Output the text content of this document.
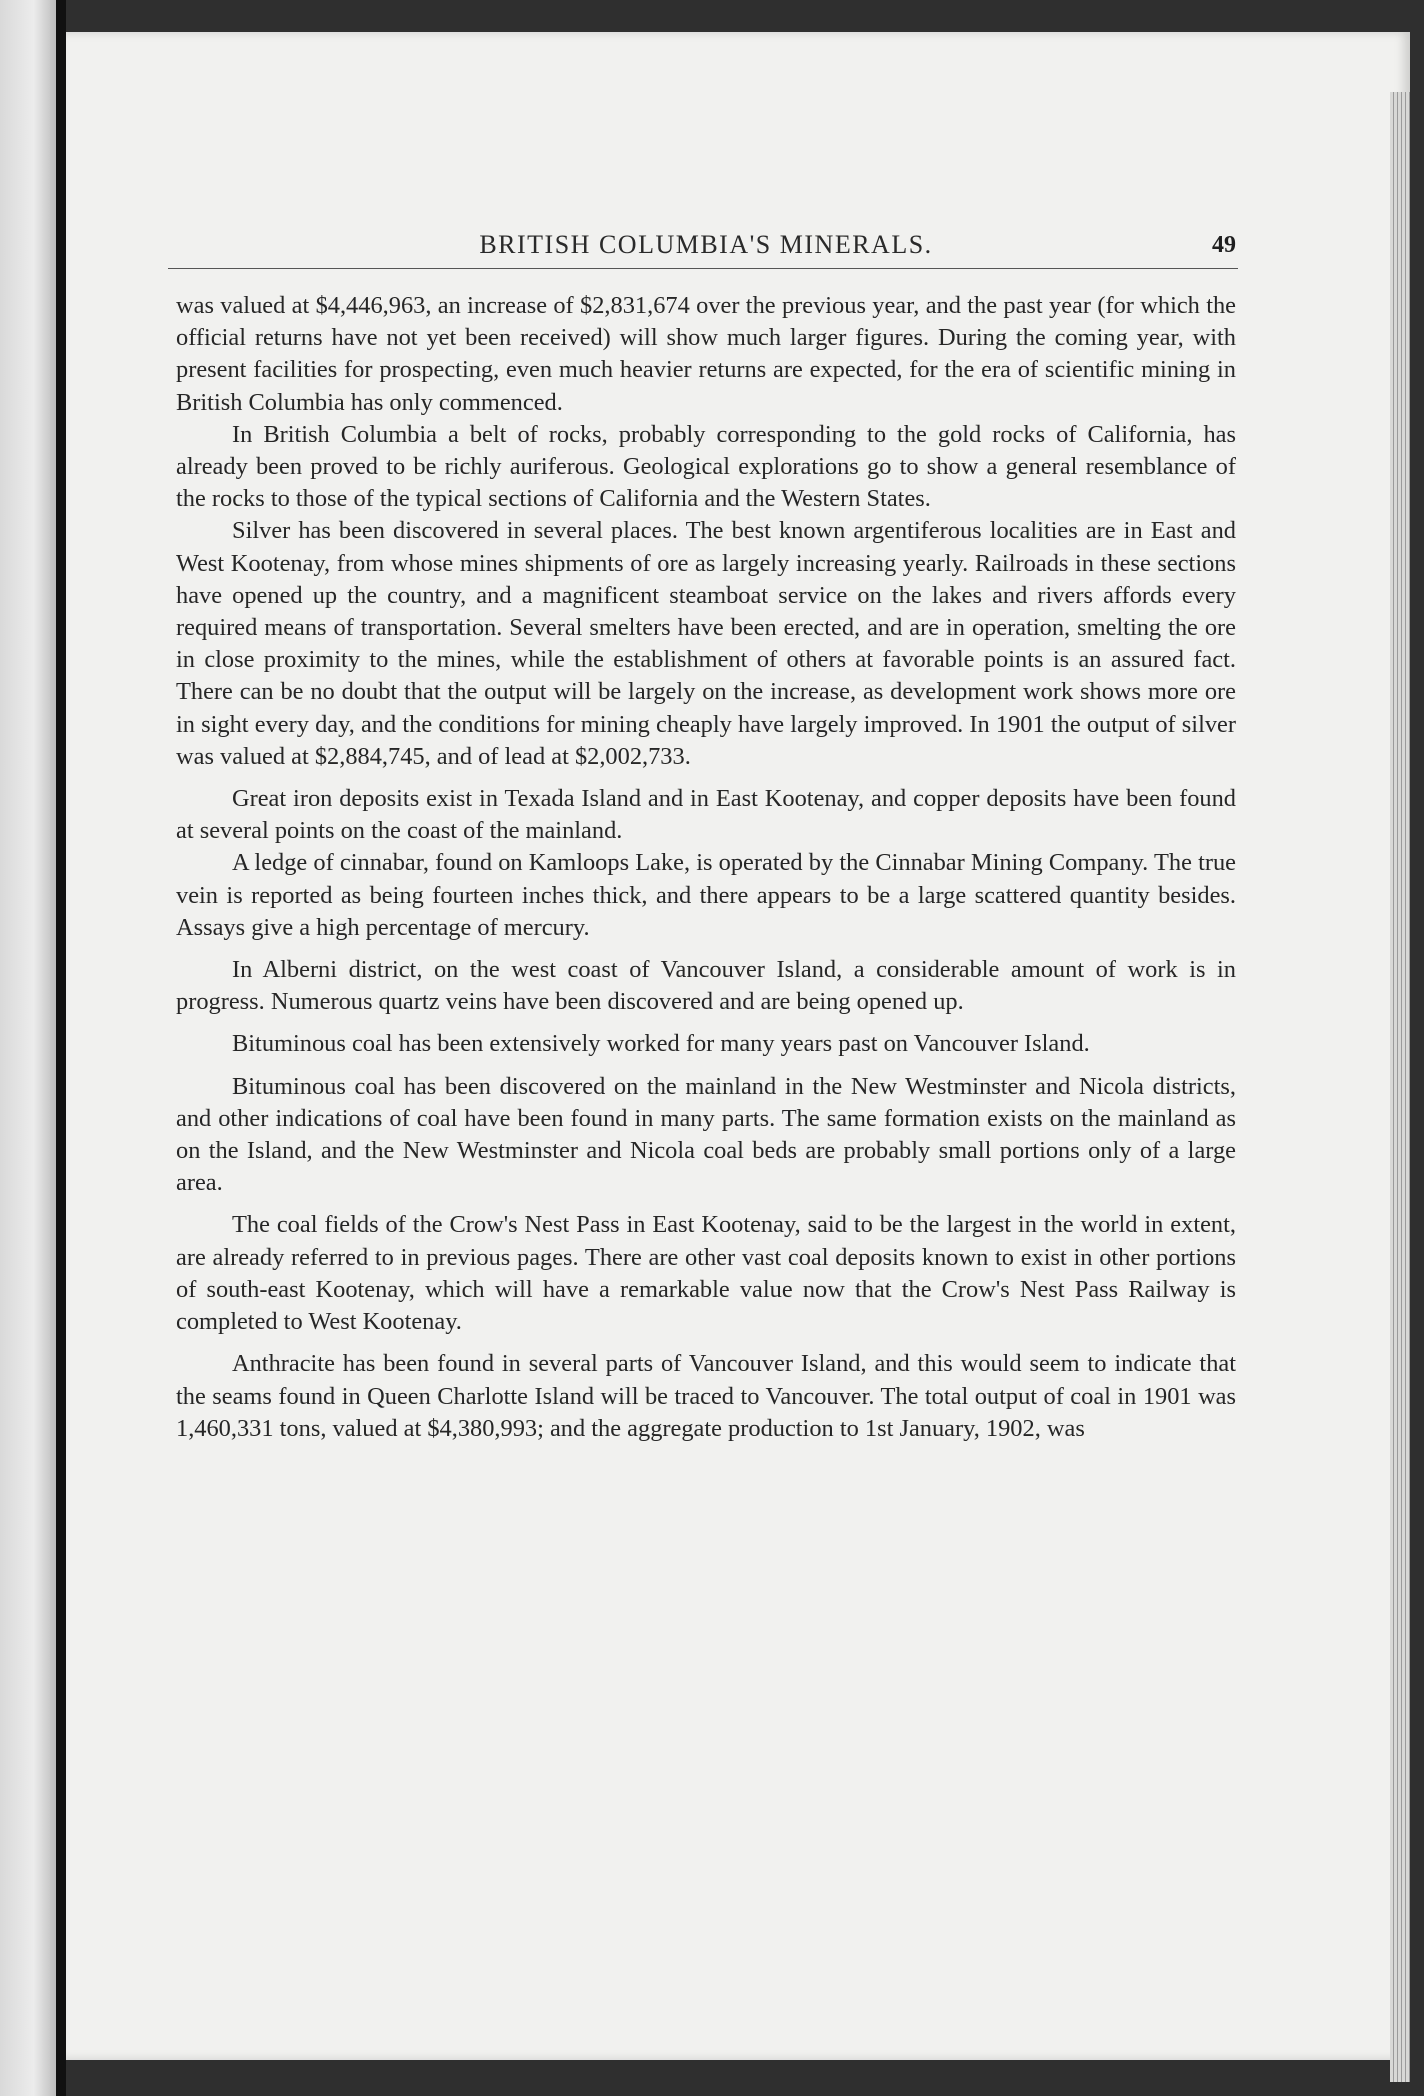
BRITISH COLUMBIA'S MINERALS.	49

was valued at $4,446,963, an increase of $2,831,674 over the previous year, and the past year (for which the official returns have not yet been received) will show much larger figures. During the coming year, with present facilities for prospecting, even much heavier returns are expected, for the era of scientific mining in British Columbia has only commenced.

In British Columbia a belt of rocks, probably corresponding to the gold rocks of California, has already been proved to be richly auriferous. Geological explorations go to show a general resemblance of the rocks to those of the typical sections of California and the Western States.

Silver has been discovered in several places. The best known argentiferous localities are in East and West Kootenay, from whose mines shipments of ore as largely increasing yearly. Railroads in these sections have opened up the country, and a magnificent steamboat service on the lakes and rivers affords every required means of transportation. Several smelters have been erected, and are in operation, smelting the ore in close proximity to the mines, while the establishment of others at favorable points is an assured fact. There can be no doubt that the output will be largely on the increase, as development work shows more ore in sight every day, and the conditions for mining cheaply have largely improved. In 1901 the output of silver was valued at $2,884,745, and of lead at $2,002,733.

Great iron deposits exist in Texada Island and in East Kootenay, and copper deposits have been found at several points on the coast of the mainland.

A ledge of cinnabar, found on Kamloops Lake, is operated by the Cinnabar Mining Company. The true vein is reported as being fourteen inches thick, and there appears to be a large scattered quantity besides. Assays give a high percentage of mercury.

In Alberni district, on the west coast of Vancouver Island, a considerable amount of work is in progress. Numerous quartz veins have been discovered and are being opened up.

Bituminous coal has been extensively worked for many years past on Vancouver Island.

Bituminous coal has been discovered on the mainland in the New Westminster and Nicola districts, and other indications of coal have been found in many parts. The same formation exists on the mainland as on the Island, and the New Westminster and Nicola coal beds are probably small portions only of a large area.

The coal fields of the Crow's Nest Pass in East Kootenay, said to be the largest in the world in extent, are already referred to in previous pages. There are other vast coal deposits known to exist in other portions of south-east Kootenay, which will have a remarkable value now that the Crow's Nest Pass Railway is completed to West Kootenay.

Anthracite has been found in several parts of Vancouver Island, and this would seem to indicate that the seams found in Queen Charlotte Island will be traced to Vancouver. The total output of coal in 1901 was 1,460,331 tons, valued at $4,380,993; and the aggregate production to 1st January, 1902, was
